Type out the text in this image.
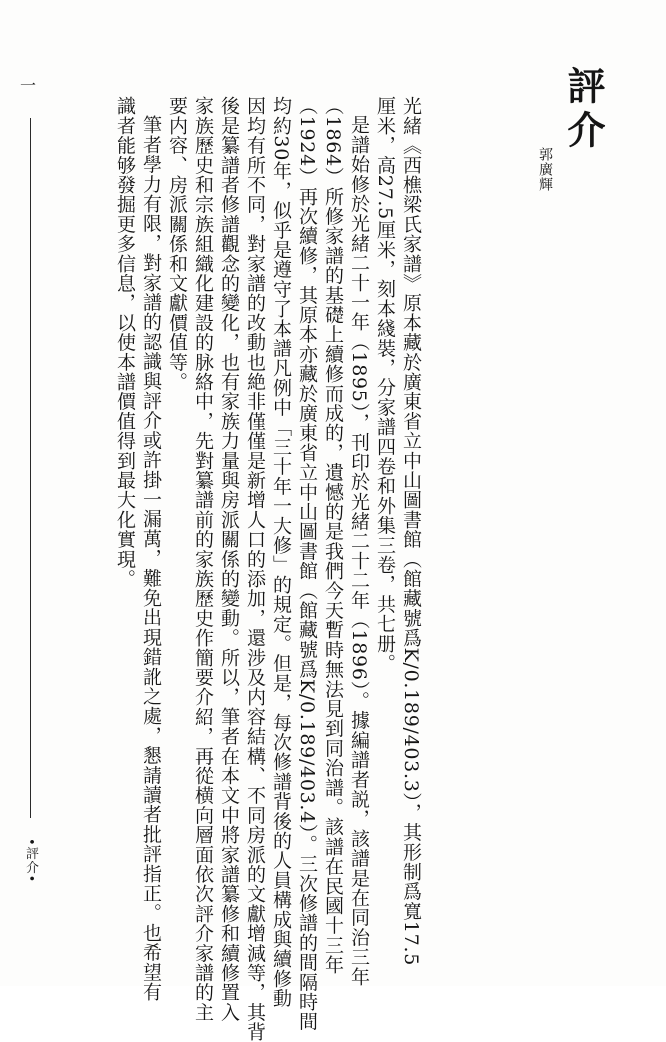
一
•評介•
評介
郭廣輝
光緒《西樵梁氏家譜》原本藏於廣東省立中山圖書館（館藏號爲K/0.189/403.3），其形制爲寬17.5
厘米，高27.5厘米，刻本綫裝，分家譜四卷和外集三卷，共七册。
是譜始修於光緒二十一年（1895），刊印於光緒二十二年（1896）。據編譜者説，該譜是在同治三年
（1864）所修家譜的基礎上續修而成的，遺憾的是我們今天暫時無法見到同治譜。該譜在民國十三年
（1924）再次續修，其原本亦藏於廣東省立中山圖書館（館藏號爲K/0.189/403.4）。三次修譜的間隔時間
均約30年，似乎是遵守了本譜凡例中「三十年一大修」的規定。但是，每次修譜背後的人員構成與續修動
因均有所不同，對家譜的改動也絶非僅僅是新增人口的添加，還涉及内容結構、不同房派的文獻增減等，其背
後是纂譜者修譜觀念的變化，也有家族力量與房派關係的變動。所以，筆者在本文中將家譜纂修和續修置入
家族歷史和宗族組織化建設的脉絡中，先對纂譜前的家族歷史作簡要介紹，再從横向層面依次評介家譜的主
要内容、房派關係和文獻價值等。
筆者學力有限，對家譜的認識與評介或許掛一漏萬，難免出現錯訛之處，懇請讀者批評指正。也希望有
識者能够發掘更多信息，以使本譜價值得到最大化實現。
